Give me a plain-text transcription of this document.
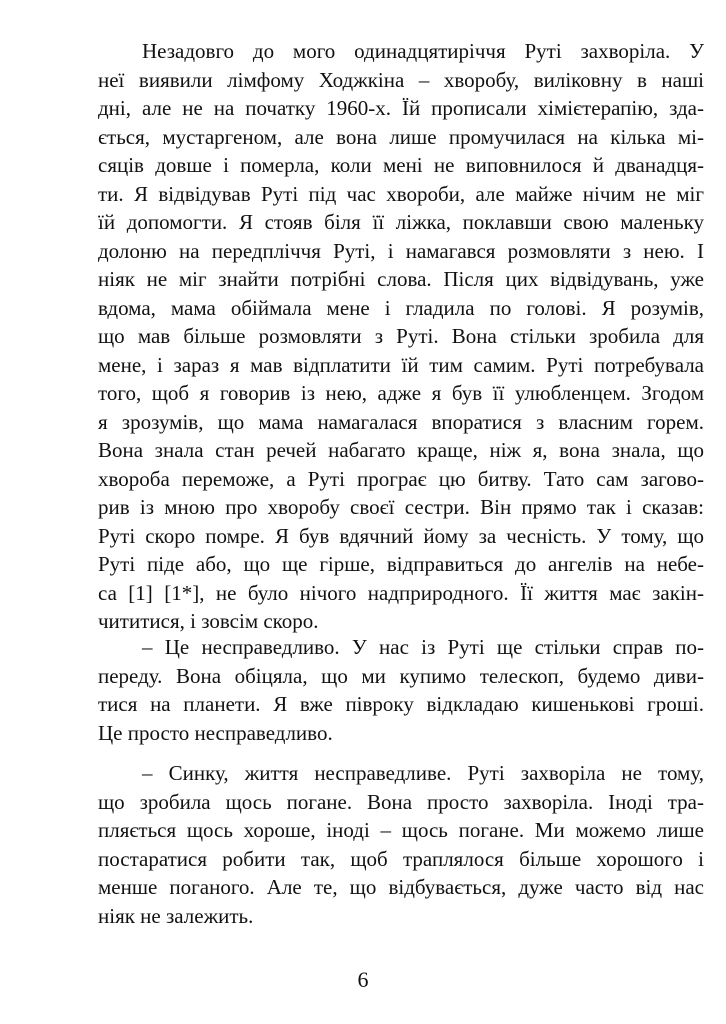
Незадовго до мого одинадцятиріччя Руті захворіла. У
неї виявили лімфому Ходжкіна – хворобу, виліковну в наші
дні, але не на початку 1960-х. Їй прописали хімієтерапію, зда-
ється, мустаргеном, але вона лише промучилася на кілька мі-
сяців довше і померла, коли мені не виповнилося й дванадця-
ти. Я відвідував Руті під час хвороби, але майже нічим не міг
їй допомогти. Я стояв біля її ліжка, поклавши свою маленьку
долоню на передпліччя Руті, і намагався розмовляти з нею. І
ніяк не міг знайти потрібні слова. Після цих відвідувань, уже
вдома, мама обіймала мене і гладила по голові. Я розумів,
що мав більше розмовляти з Руті. Вона стільки зробила для
мене, і зараз я мав відплатити їй тим самим. Руті потребувала
того, щоб я говорив із нею, адже я був її улюбленцем. Згодом
я зрозумів, що мама намагалася впоратися з власним горем.
Вона знала стан речей набагато краще, ніж я, вона знала, що
хвороба переможе, а Руті програє цю битву. Тато сам загово-
рив із мною про хворобу своєї сестри. Він прямо так і сказав:
Руті скоро помре. Я був вдячний йому за чесність. У тому, що
Руті піде або, що ще гірше, відправиться до ангелів на небе-
са [1] [1*], не було нічого надприродного. Її життя має закін-
чититися, і зовсім скоро.
– Це несправедливо. У нас із Руті ще стільки справ по-
переду. Вона обіцяла, що ми купимо телескоп, будемо диви-
тися на планети. Я вже півроку відкладаю кишенькові гроші.
Це просто несправедливо.
– Синку, життя несправедливе. Руті захворіла не тому,
що зробила щось погане. Вона просто захворіла. Іноді тра-
пляється щось хороше, іноді – щось погане. Ми можемо лише
постаратися робити так, щоб траплялося більше хорошого і
менше поганого. Але те, що відбувається, дуже часто від нас
ніяк не залежить.
6
